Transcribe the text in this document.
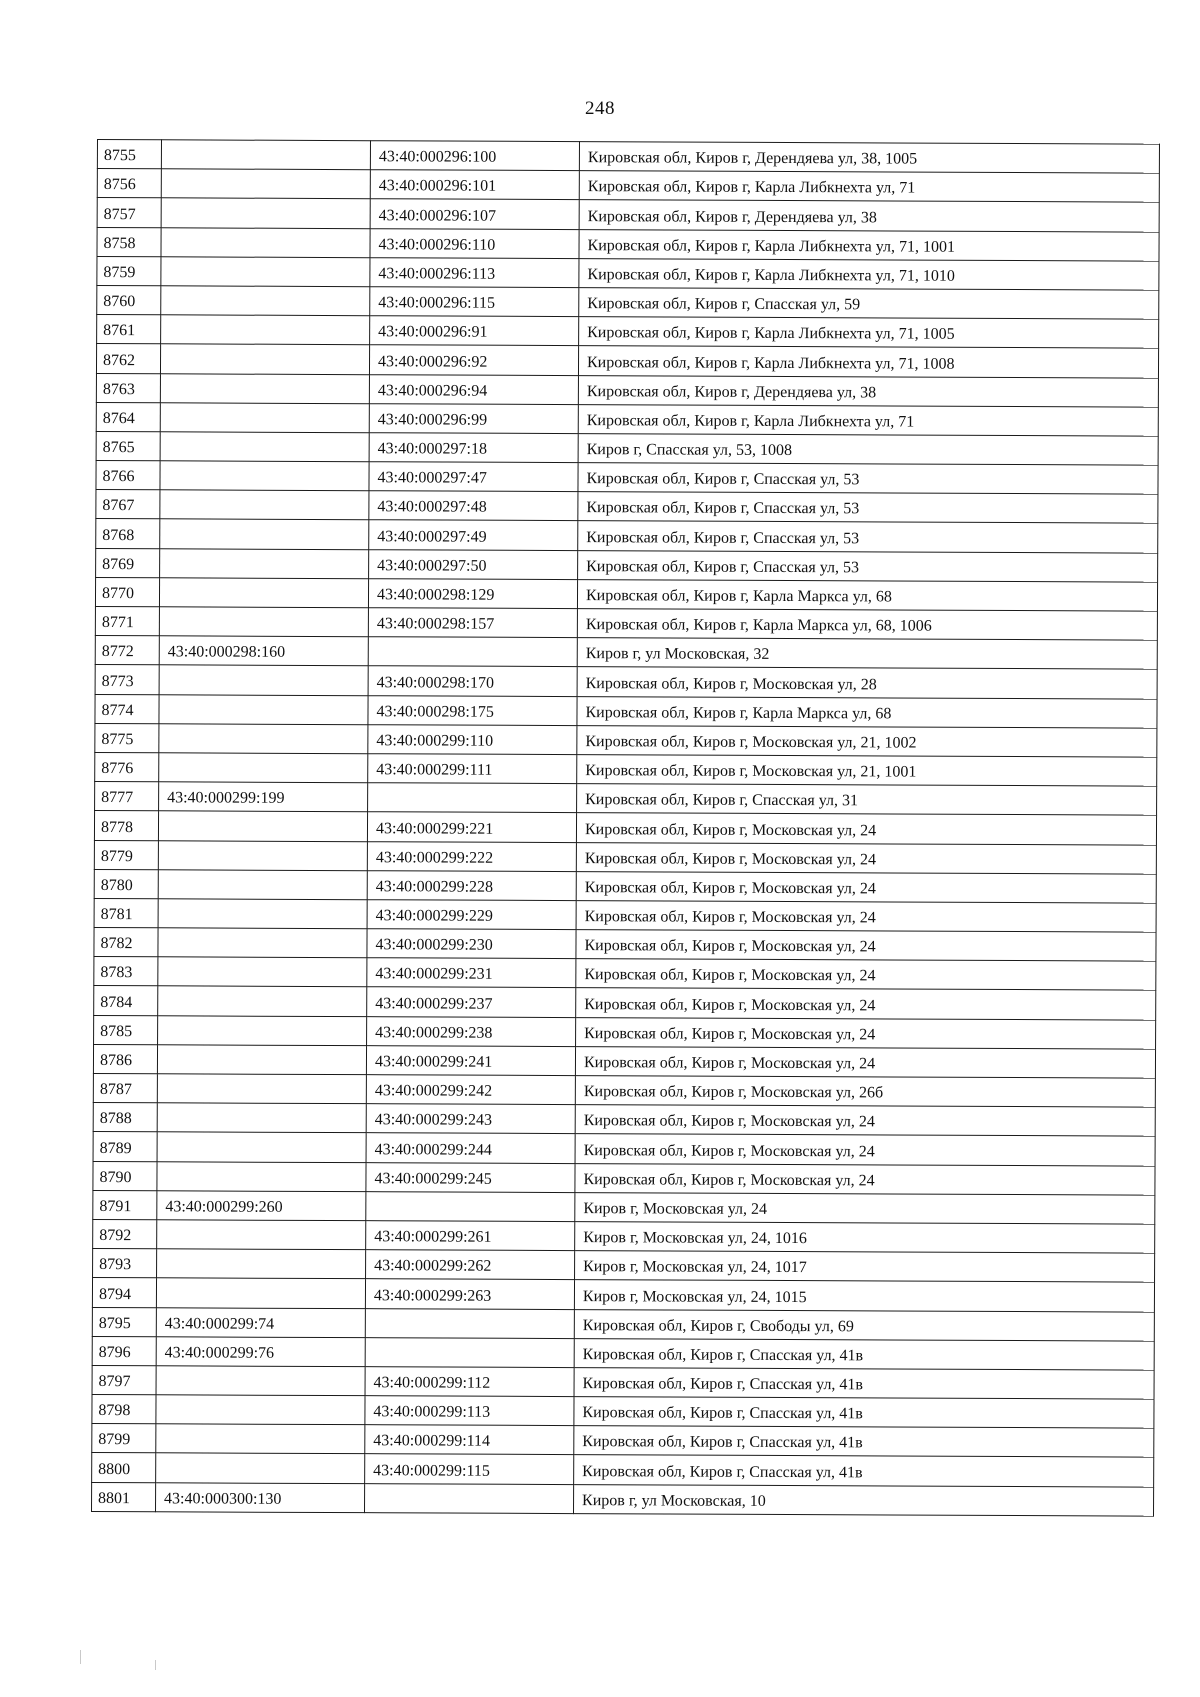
248
8755		43:40:000296:100	Кировская обл, Киров г, Дерендяева ул, 38, 1005
8756		43:40:000296:101	Кировская обл, Киров г, Карла Либкнехта ул, 71
8757		43:40:000296:107	Кировская обл, Киров г, Дерендяева ул, 38
8758		43:40:000296:110	Кировская обл, Киров г, Карла Либкнехта ул, 71, 1001
8759		43:40:000296:113	Кировская обл, Киров г, Карла Либкнехта ул, 71, 1010
8760		43:40:000296:115	Кировская обл, Киров г, Спасская ул, 59
8761		43:40:000296:91	Кировская обл, Киров г, Карла Либкнехта ул, 71, 1005
8762		43:40:000296:92	Кировская обл, Киров г, Карла Либкнехта ул, 71, 1008
8763		43:40:000296:94	Кировская обл, Киров г, Дерендяева ул, 38
8764		43:40:000296:99	Кировская обл, Киров г, Карла Либкнехта ул, 71
8765		43:40:000297:18	Киров г, Спасская ул, 53, 1008
8766		43:40:000297:47	Кировская обл, Киров г, Спасская ул, 53
8767		43:40:000297:48	Кировская обл, Киров г, Спасская ул, 53
8768		43:40:000297:49	Кировская обл, Киров г, Спасская ул, 53
8769		43:40:000297:50	Кировская обл, Киров г, Спасская ул, 53
8770		43:40:000298:129	Кировская обл, Киров г, Карла Маркса ул, 68
8771		43:40:000298:157	Кировская обл, Киров г, Карла Маркса ул, 68, 1006
8772	43:40:000298:160		Киров г, ул Московская, 32
8773		43:40:000298:170	Кировская обл, Киров г, Московская ул, 28
8774		43:40:000298:175	Кировская обл, Киров г, Карла Маркса ул, 68
8775		43:40:000299:110	Кировская обл, Киров г, Московская ул, 21, 1002
8776		43:40:000299:111	Кировская обл, Киров г, Московская ул, 21, 1001
8777	43:40:000299:199		Кировская обл, Киров г, Спасская ул, 31
8778		43:40:000299:221	Кировская обл, Киров г, Московская ул, 24
8779		43:40:000299:222	Кировская обл, Киров г, Московская ул, 24
8780		43:40:000299:228	Кировская обл, Киров г, Московская ул, 24
8781		43:40:000299:229	Кировская обл, Киров г, Московская ул, 24
8782		43:40:000299:230	Кировская обл, Киров г, Московская ул, 24
8783		43:40:000299:231	Кировская обл, Киров г, Московская ул, 24
8784		43:40:000299:237	Кировская обл, Киров г, Московская ул, 24
8785		43:40:000299:238	Кировская обл, Киров г, Московская ул, 24
8786		43:40:000299:241	Кировская обл, Киров г, Московская ул, 24
8787		43:40:000299:242	Кировская обл, Киров г, Московская ул, 26б
8788		43:40:000299:243	Кировская обл, Киров г, Московская ул, 24
8789		43:40:000299:244	Кировская обл, Киров г, Московская ул, 24
8790		43:40:000299:245	Кировская обл, Киров г, Московская ул, 24
8791	43:40:000299:260		Киров г, Московская ул, 24
8792		43:40:000299:261	Киров г, Московская ул, 24, 1016
8793		43:40:000299:262	Киров г, Московская ул, 24, 1017
8794		43:40:000299:263	Киров г, Московская ул, 24, 1015
8795	43:40:000299:74		Кировская обл, Киров г, Свободы ул, 69
8796	43:40:000299:76		Кировская обл, Киров г, Спасская ул, 41в
8797		43:40:000299:112	Кировская обл, Киров г, Спасская ул, 41в
8798		43:40:000299:113	Кировская обл, Киров г, Спасская ул, 41в
8799		43:40:000299:114	Кировская обл, Киров г, Спасская ул, 41в
8800		43:40:000299:115	Кировская обл, Киров г, Спасская ул, 41в
8801	43:40:000300:130		Киров г, ул Московская, 10
